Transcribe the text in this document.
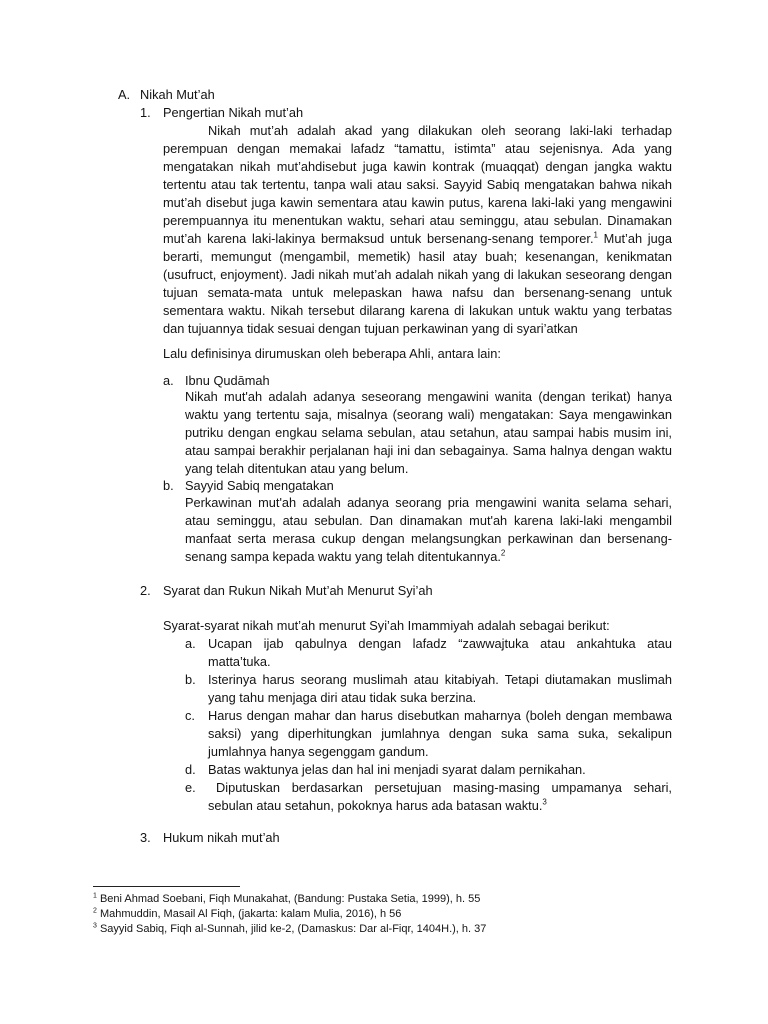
A. Nikah Mut’ah
1. Pengertian Nikah mut’ah

Nikah mut’ah adalah akad yang dilakukan oleh seorang laki-laki terhadap perempuan dengan memakai lafadz “tamattu, istimta” atau sejenisnya. Ada yang mengatakan nikah mut’ahdisebut juga kawin kontrak (muaqqat) dengan jangka waktu tertentu atau tak tertentu, tanpa wali atau saksi. Sayyid Sabiq mengatakan bahwa nikah mut’ah disebut juga kawin sementara atau kawin putus, karena laki-laki yang mengawini perempuannya itu menentukan waktu, sehari atau seminggu, atau sebulan. Dinamakan mut’ah karena laki-lakinya bermaksud untuk bersenang-senang temporer.$^1$ Mut’ah juga berarti, memungut (mengambil, memetik) hasil atay buah; kesenangan, kenikmatan (usufruct, enjoyment). Jadi nikah mut’ah adalah nikah yang di lakukan seseorang dengan tujuan semata-mata untuk melepaskan hawa nafsu dan bersenang-senang untuk sementara waktu. Nikah tersebut dilarang karena di lakukan untuk waktu yang terbatas dan tujuannya tidak sesuai dengan tujuan perkawinan yang di syari’atkan

Lalu definisinya dirumuskan oleh beberapa Ahli, antara lain:
a. Ibnu Qudāmah

Nikah mut'ah adalah adanya seseorang mengawini wanita (dengan terikat) hanya waktu yang tertentu saja, misalnya (seorang wali) mengatakan: Saya mengawinkan putriku dengan engkau selama sebulan, atau setahun, atau sampai habis musim ini, atau sampai berakhir perjalanan haji ini dan sebagainya. Sama halnya dengan waktu yang telah ditentukan atau yang belum.

b. Sayyid Sabiq mengatakan

Perkawinan mut'ah adalah adanya seorang pria mengawini wanita selama sehari, atau seminggu, atau sebulan. Dan dinamakan mut'ah karena laki-laki mengambil manfaat serta merasa cukup dengan melangsungkan perkawinan dan bersenang-senang sampa kepada waktu yang telah ditentukannya.$^2$

2. Syarat dan Rukun Nikah Mut’ah Menurut Syi’ah
Syarat-syarat nikah mut’ah menurut Syi’ah Imammiyah adalah sebagai berikut:
a. Ucapan ijab qabulnya dengan lafadz “zawwajtuka atau ankahtuka atau matta’tuka.

b. Isterinya harus seorang muslimah atau kitabiyah. Tetapi diutamakan muslimah yang tahu menjaga diri atau tidak suka berzina.

c. Harus dengan mahar dan harus disebutkan maharnya (boleh dengan membawa saksi) yang diperhitungkan jumlahnya dengan suka sama suka, sekalipun jumlahnya hanya segenggam gandum.

d. Batas waktunya jelas dan hal ini menjadi syarat dalam pernikahan.

e.	Diputuskan berdasarkan persetujuan masing-masing umpamanya sehari, sebulan atau setahun, pokoknya harus ada batasan waktu.$^3$

3. Hukum nikah mut’ah
$^1$ Beni Ahmad Soebani, Fiqh Munakahat, (Bandung: Pustaka Setia, 1999), h. 55
$^2$ Mahmuddin, Masail Al Fiqh, (jakarta: kalam Mulia, 2016), h 56
$^3$ Sayyid Sabiq, Fiqh al-Sunnah, jilid ke-2, (Damaskus: Dar al-Fiqr, 1404H.), h. 37
